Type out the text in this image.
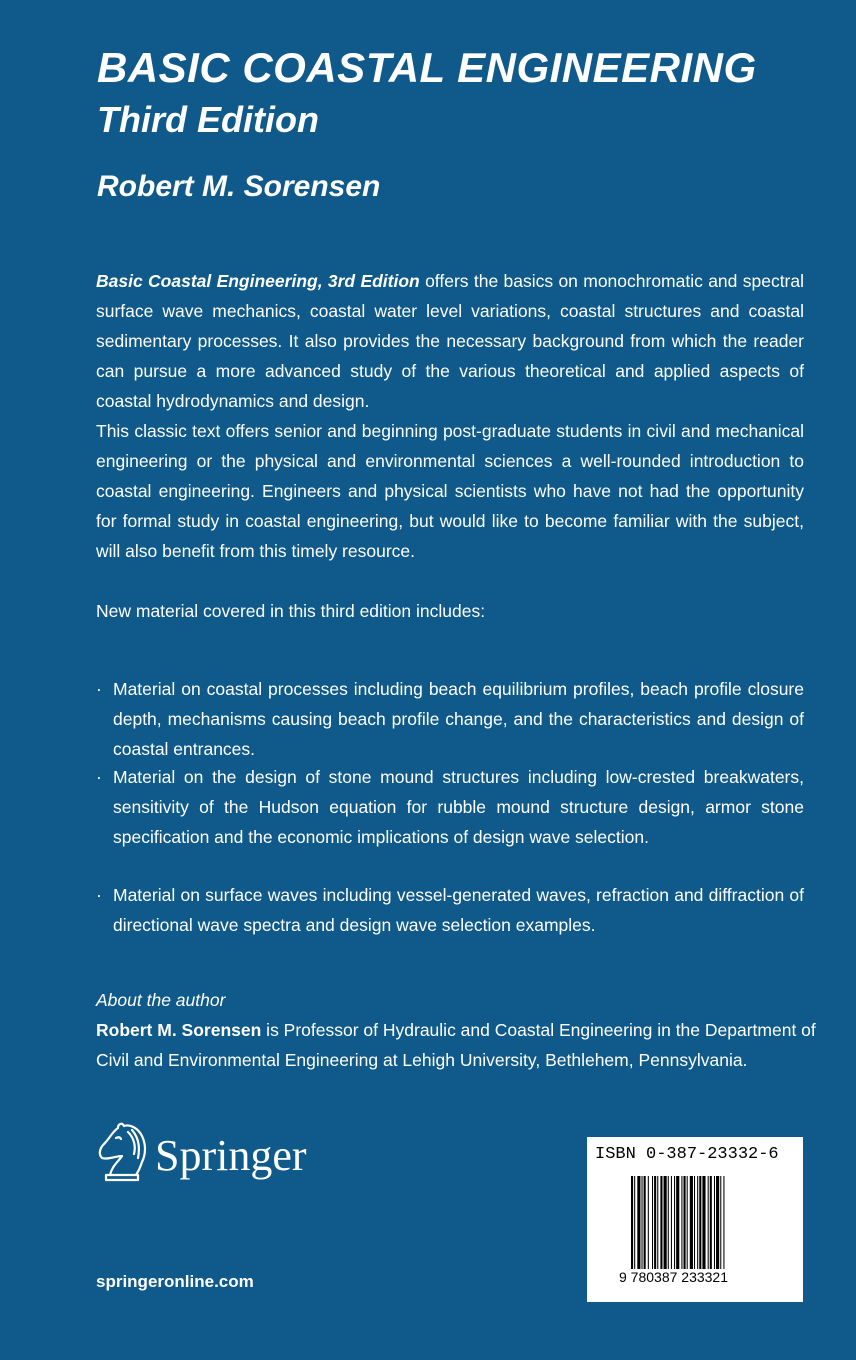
BASIC COASTAL ENGINEERING
Third Edition
Robert M. Sorensen
Basic Coastal Engineering, 3rd Edition offers the basics on monochromatic and spectral surface wave mechanics, coastal water level variations, coastal structures and coastal sedimentary processes. It also provides the necessary background from which the reader can pursue a more advanced study of the various theoretical and applied aspects of coastal hydrodynamics and design.
This classic text offers senior and beginning post-graduate students in civil and mechanical engineering or the physical and environmental sciences a well-rounded introduction to coastal engineering. Engineers and physical scientists who have not had the opportunity for formal study in coastal engineering, but would like to become familiar with the subject, will also benefit from this timely resource.
New material covered in this third edition includes:
· Material on coastal processes including beach equilibrium profiles, beach profile closure depth, mechanisms causing beach profile change, and the characteristics and design of coastal entrances.
· Material on the design of stone mound structures including low-crested breakwaters, sensitivity of the Hudson equation for rubble mound structure design, armor stone specification and the economic implications of design wave selection.
· Material on surface waves including vessel-generated waves, refraction and diffraction of directional wave spectra and design wave selection examples.
About the author
Robert M. Sorensen is Professor of Hydraulic and Coastal Engineering in the Department of Civil and Environmental Engineering at Lehigh University, Bethlehem, Pennsylvania.
Springer
springeronline.com
ISBN 0-387-23332-6
9 780387 233321
